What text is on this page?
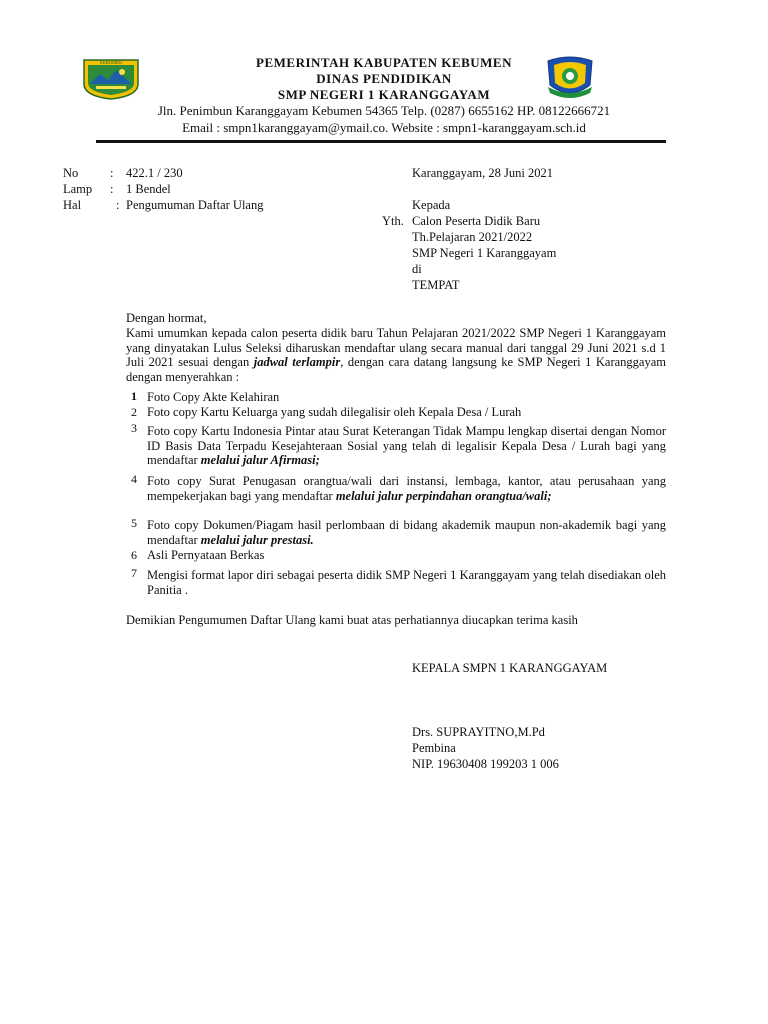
KEBUMEN	PEMERINTAH KABUPATEN KEBUMEN
DINAS PENDIDIKAN
SMP NEGERI 1 KARANGGAYAM
Jln. Penimbun Karanggayam Kebumen 54365 Telp. (0287) 6655162 HP. 08122666721
Email : smpn1karanggayam@ymail.co. Website : smpn1-karanggayam.sch.id
No	: 422.1 / 230
Lamp : 1 Bendel
Hal	: Pengumuman Daftar Ulang
Karanggayam, 28 Juni 2021
Kepada
Yth. Calon Peserta Didik Baru
Th.Pelajaran 2021/2022
SMP Negeri 1 Karanggayam
di
TEMPAT
Dengan hormat,
Kami umumkan kepada calon peserta didik baru Tahun Pelajaran 2021/2022 SMP Negeri 1 Karanggayam yang dinyatakan Lulus Seleksi diharuskan mendaftar ulang secara manual dari tanggal 29 Juni 2021 s.d 1 Juli 2021 sesuai dengan jadwal terlampir, dengan cara datang langsung ke SMP Negeri 1 Karanggayam dengan menyerahkan :
1 Foto Copy Akte Kelahiran
2 Foto copy Kartu Keluarga yang sudah dilegalisir oleh Kepala Desa / Lurah
3 Foto copy Kartu Indonesia Pintar atau Surat Keterangan Tidak Mampu lengkap disertai dengan Nomor ID Basis Data Terpadu Kesejahteraan Sosial yang telah di legalisir Kepala Desa / Lurah bagi yang mendaftar melalui jalur Afirmasi;
4 Foto copy Surat Penugasan orangtua/wali dari instansi, lembaga, kantor, atau perusahaan yang mempekerjakan bagi yang mendaftar melalui jalur perpindahan orangtua/wali;
5 Foto copy Dokumen/Piagam hasil perlombaan di bidang akademik maupun non-akademik bagi yang mendaftar melalui jalur prestasi.
6 Asli Pernyataan Berkas
7 Mengisi format lapor diri sebagai peserta didik SMP Negeri 1 Karanggayam yang telah disediakan oleh Panitia .
Demikian Pengumumen Daftar Ulang kami buat atas perhatiannya diucapkan terima kasih
KEPALA SMPN 1 KARANGGAYAM
Drs. SUPRAYITNO,M.Pd
Pembina
NIP. 19630408 199203 1 006
